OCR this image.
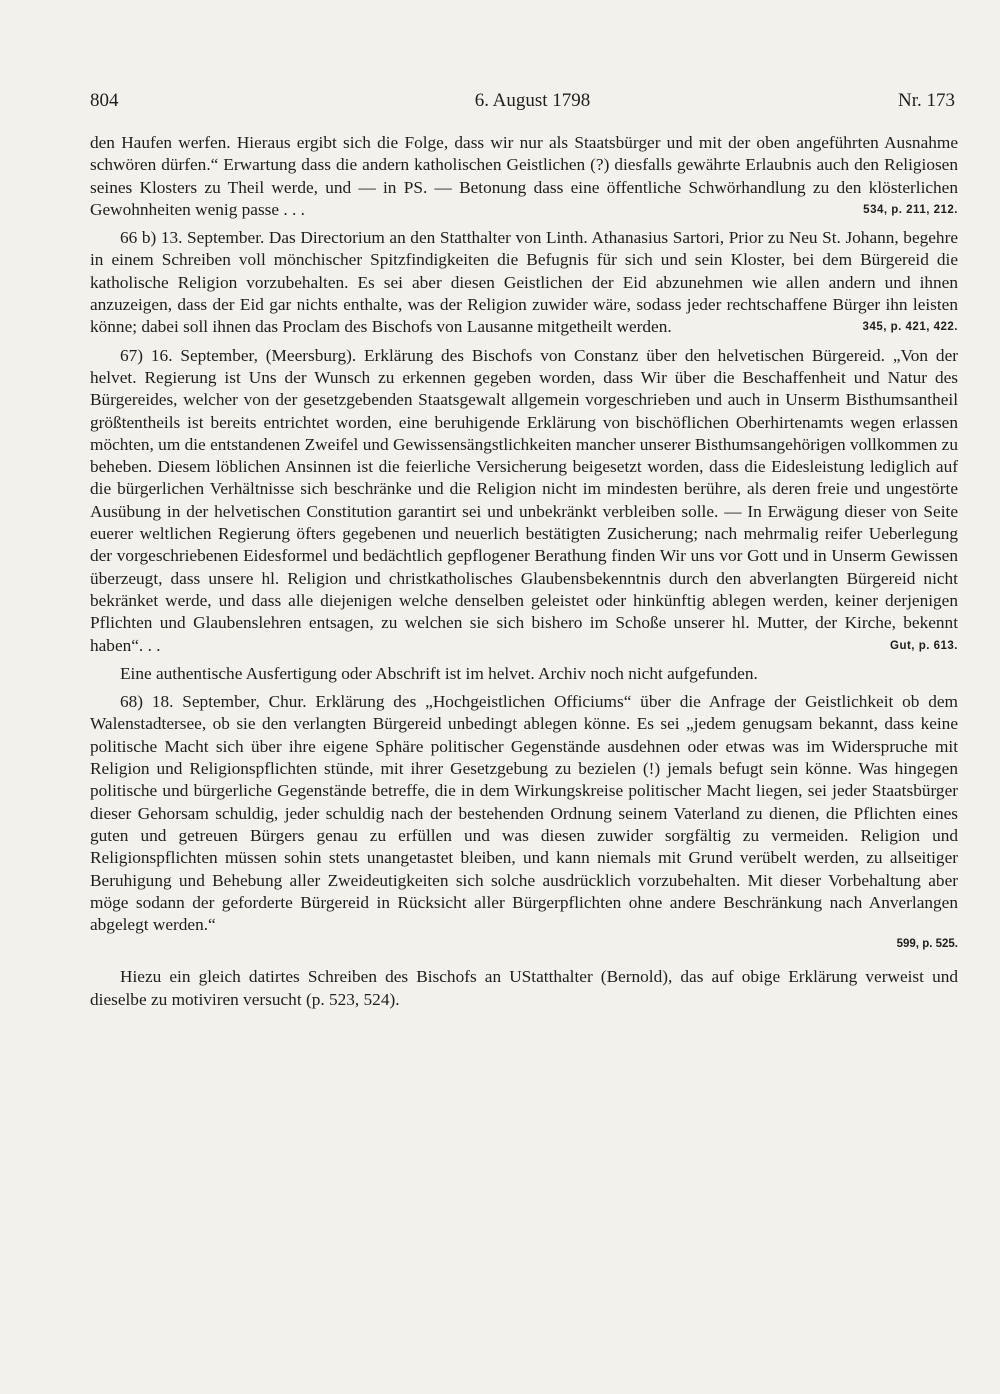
804	6. August 1798	Nr. 173

den Haufen werfen. Hieraus ergibt sich die Folge, dass wir nur als Staatsbürger und mit der oben angeführten Ausnahme schwören dürfen.“ Erwartung dass die andern katholischen Geistlichen (?) diesfalls gewährte Erlaubnis auch den Religiosen seines Klosters zu Theil werde, und — in PS. — Betonung dass eine öffentliche Schwörhandlung zu den klösterlichen Gewohnheiten wenig passe . . .	534, p. 211, 212.

66 b) 13. September. Das Directorium an den Statthalter von Linth. Athanasius Sartori, Prior zu Neu St. Johann, begehre in einem Schreiben voll mönchischer Spitzfindigkeiten die Befugnis für sich und sein Kloster, bei dem Bürgereid die katholische Religion vorzubehalten. Es sei aber diesen Geistlichen der Eid abzunehmen wie allen andern und ihnen anzuzeigen, dass der Eid gar nichts enthalte, was der Religion zuwider wäre, sodass jeder rechtschaffene Bürger ihn leisten könne; dabei soll ihnen das Proclam des Bischofs von Lausanne mitgetheilt werden.	345, p. 421, 422.

67) 16. September, (Meersburg). Erklärung des Bischofs von Constanz über den helvetischen Bürgereid. „Von der helvet. Regierung ist Uns der Wunsch zu erkennen gegeben worden, dass Wir über die Beschaffenheit und Natur des Bürgereides, welcher von der gesetzgebenden Staatsgewalt allgemein vorgeschrieben und auch in Unserm Bisthumsantheil größtentheils ist bereits entrichtet worden, eine beruhigende Erklärung von bischöflichen Oberhirtenamts wegen erlassen möchten, um die entstandenen Zweifel und Gewissensängstlichkeiten mancher unserer Bisthumsangehörigen vollkommen zu beheben. Diesem löblichen Ansinnen ist die feierliche Versicherung beigesetzt worden, dass die Eidesleistung lediglich auf die bürgerlichen Verhältnisse sich beschränke und die Religion nicht im mindesten berühre, als deren freie und ungestörte Ausübung in der helvetischen Constitution garantirt sei und unbekränkt verbleiben solle. — In Erwägung dieser von Seite euerer weltlichen Regierung öfters gegebenen und neuerlich bestätigten Zusicherung; nach mehrmalig reifer Ueberlegung der vorgeschriebenen Eidesformel und bedächtlich gepflogener Berathung finden Wir uns vor Gott und in Unserm Gewissen überzeugt, dass unsere hl. Religion und christkatholisches Glaubensbekenntnis durch den abverlangten Bürgereid nicht bekränket werde, und dass alle diejenigen welche denselben geleistet oder hinkünftig ablegen werden, keiner derjenigen Pflichten und Glaubenslehren entsagen, zu welchen sie sich bishero im Schoße unserer hl. Mutter, der Kirche, bekennt haben“. . .	Gut, p. 613.

Eine authentische Ausfertigung oder Abschrift ist im helvet. Archiv noch nicht aufgefunden.

68) 18. September, Chur. Erklärung des „Hochgeistlichen Officiums“ über die Anfrage der Geistlichkeit ob dem Walenstadtersee, ob sie den verlangten Bürgereid unbedingt ablegen könne. Es sei „jedem genugsam bekannt, dass keine politische Macht sich über ihre eigene Sphäre politischer Gegenstände ausdehnen oder etwas was im Widerspruche mit Religion und Religionspflichten stünde, mit ihrer Gesetzgebung zu bezielen (!) jemals befugt sein könne. Was hingegen politische und bürgerliche Gegenstände betreffe, die in dem Wirkungskreise politischer Macht liegen, sei jeder Staatsbürger dieser Gehorsam schuldig, jeder schuldig nach der bestehenden Ordnung seinem Vaterland zu dienen, die Pflichten eines guten und getreuen Bürgers genau zu erfüllen und was diesen zuwider sorgfältig zu vermeiden. Religion und Religionspflichten müssen sohin stets unangetastet bleiben, und kann niemals mit Grund verübelt werden, zu allseitiger Beruhigung und Behebung aller Zweideutigkeiten sich solche ausdrücklich vorzubehalten. Mit dieser Vorbehaltung aber möge sodann der geforderte Bürgereid in Rücksicht aller Bürgerpflichten ohne andere Beschränkung nach Anverlangen abgelegt werden.“

599, p. 525.

Hiezu ein gleich datirtes Schreiben des Bischofs an UStatthalter (Bernold), das auf obige Erklärung verweist und dieselbe zu motiviren versucht (p. 523, 524).
